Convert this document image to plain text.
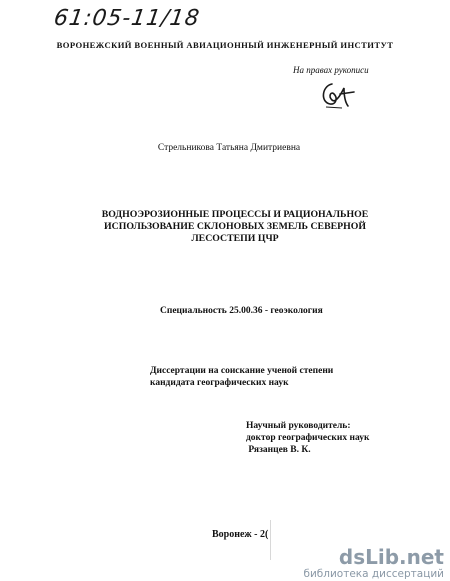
61:05-11/18
ВОРОНЕЖСКИЙ ВОЕННЫЙ АВИАЦИОННЫЙ ИНЖЕНЕРНЫЙ ИНСТИТУТ
На правах рукописи
Стрельникова Татьяна Дмитриевна
ВОДНОЭРОЗИОННЫЕ ПРОЦЕССЫ И РАЦИОНАЛЬНОЕ
ИСПОЛЬЗОВАНИЕ СКЛОНОВЫХ ЗЕМЕЛЬ СЕВЕРНОЙ
ЛЕСОСТЕПИ ЦЧР
Специальность 25.00.36 - геоэкология
Диссертации на соискание ученой степени
кандидата географических наук
Научный руководитель:
доктор географических наук
Рязанцев В. К.
Воронеж - 2(
dsLib.net
библиотека диссертаций
